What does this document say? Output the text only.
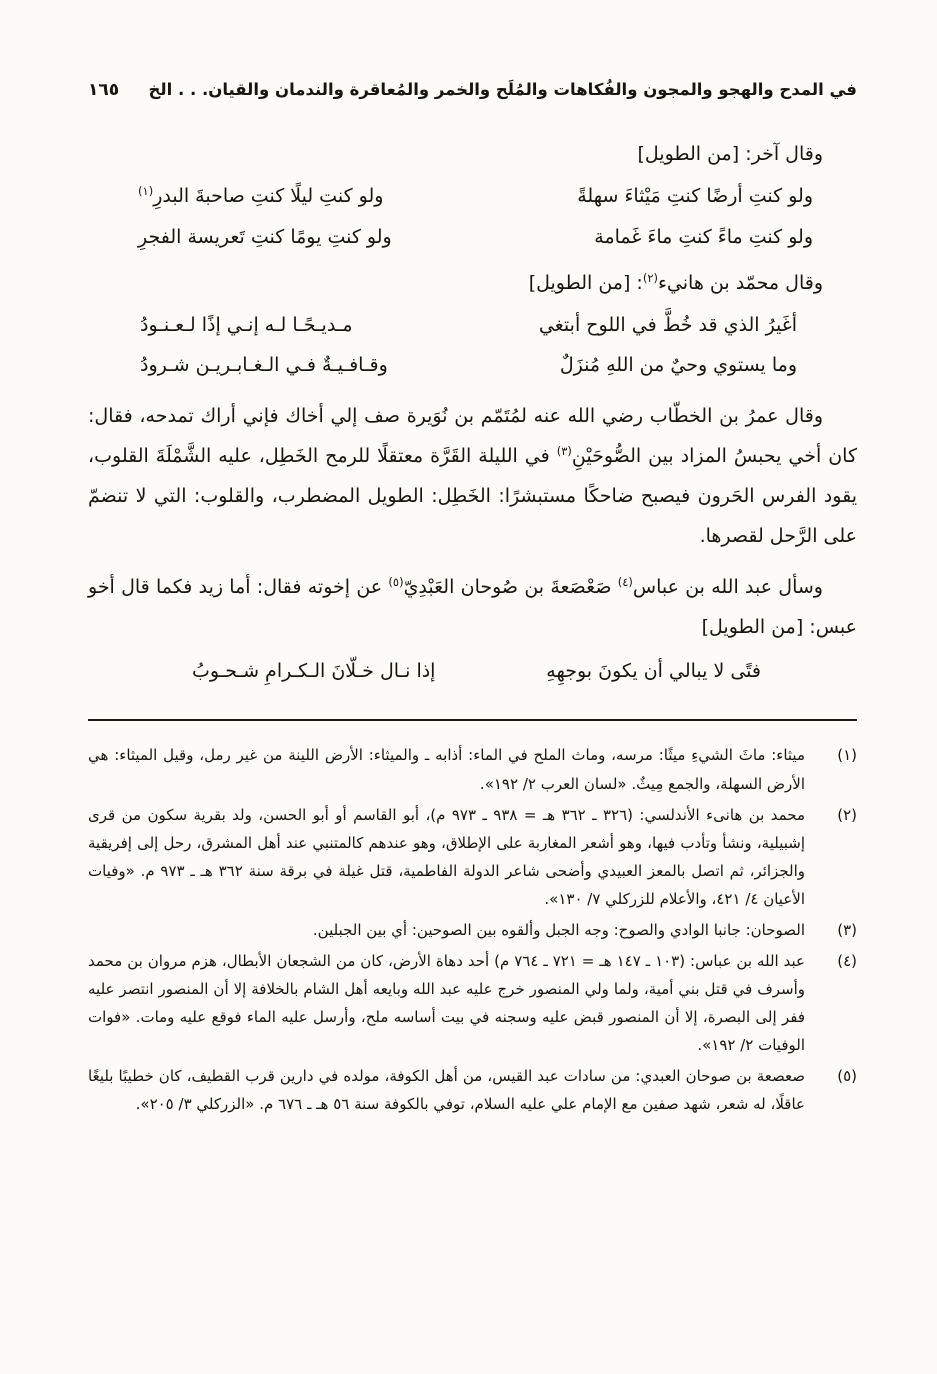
في المدح والهجو والمجون والفُكاهات والمُلَح والخمر والمُعاقرة والندمان والقيان. . . الخ
١٦٥

وقال آخر: [من الطويل]

ولو كنتِ أرضًا كنتِ مَيْثاءَ سهلةً
ولو كنتِ ليلًا كنتِ صاحبةَ البدرِ$^{(١)}$
ولو كنتِ ماءً كنتِ ماءَ غَمامة
ولو كنتِ يومًا كنتِ تَعريسة الفجرِ

وقال محمّد بن هانيء$^{(٢)}$: [من الطويل]

أغَيرُ الذي قد خُطَّ في اللوح أبتغي
مـديـحًـا لـه إنـي إذًا لـعـنـودُ
وما يستوي وحيٌ من اللهِ مُنزَلٌ
وقـافـيـةٌ فـي الـغـابـريـن شـرودُ

وقال عمرُ بن الخطّاب رضي الله عنه لمُتَمّم بن نُوَيرة صف إلي أخاك فإني أراك تمدحه، فقال: كان أخي يحبسُ المزاد بين الصُّوحَيْنِ$^{(٣)}$ في الليلة القَرَّة معتقلًا للرمح الخَطِل، عليه الشَّمْلَةَ القلوب، يقود الفرس الحَرون فيصبح ضاحكًا مستبشرًا: الخَطِل: الطويل المضطرب، والقلوب: التي لا تنضمّ على الرَّحل لقصرها.

وسأل عبد الله بن عباس$^{(٤)}$ صَعْصَعةَ بن صُوحان العَبْدِيّ$^{(٥)}$ عن إخوته فقال: أما زيد فكما قال أخو عبس: [من الطويل]

فتًى لا يبالي أن يكونَ بوجهِهِ
إذا نـال خـلّانَ الـكـرامِ شـحـوبُ
(١)
ميثاء: ماثَ الشيءِ ميثًا: مرسه، وماث الملح في الماء: أذابه ـ والميثاء: الأرض اللينة من غير رمل، وقيل الميثاء: هي الأرض السهلة، والجمع مِيثٌ. «لسان العرب ٢/ ١٩٢».
(٢)
محمد بن هانىء الأندلسي: (٣٢٦ ـ ٣٦٢ هـ = ٩٣٨ ـ ٩٧٣ م)، أبو القاسم أو أبو الحسن، ولد بقرية سكون من قرى إشبيلية، ونشأ وتأدب فيها، وهو أشعر المغاربة على الإطلاق، وهو عندهم كالمتنبي عند أهل المشرق، رحل إلى إفريقية والجزائر، ثم اتصل بالمعز العبيدي وأضحى شاعر الدولة الفاطمية، قتل غيلة في برقة سنة ٣٦٢ هـ ـ ٩٧٣ م. «وفيات الأعيان ٤/ ٤٢١، والأعلام للزركلي ٧/ ١٣٠».
(٣)
الصوحان: جانبا الوادي والصوح: وجه الجبل وألقوه بين الصوحين: أي بين الجبلين.
(٤)
عبد الله بن عباس: (١٠٣ ـ ١٤٧ هـ = ٧٢١ ـ ٧٦٤ م) أحد دهاة الأرض، كان من الشجعان الأبطال، هزم مروان بن محمد وأسرف في قتل بني أمية، ولما ولي المنصور خرج عليه عبد الله وبايعه أهل الشام بالخلافة إلا أن المنصور انتصر عليه ففر إلى البصرة، إلا أن المنصور قبض عليه وسجنه في بيت أساسه ملح، وأرسل عليه الماء فوقع عليه ومات. «فوات الوفيات ٢/ ١٩٢».
(٥)
صعصعة بن صوحان العبدي: من سادات عبد القيس، من أهل الكوفة، مولده في دارين قرب القطيف، كان خطيبًا بليغًا عاقلًا، له شعر، شهد صفين مع الإمام علي عليه السلام، توفي بالكوفة سنة ٥٦ هـ ـ ٦٧٦ م. «الزركلي ٣/ ٢٠٥».
